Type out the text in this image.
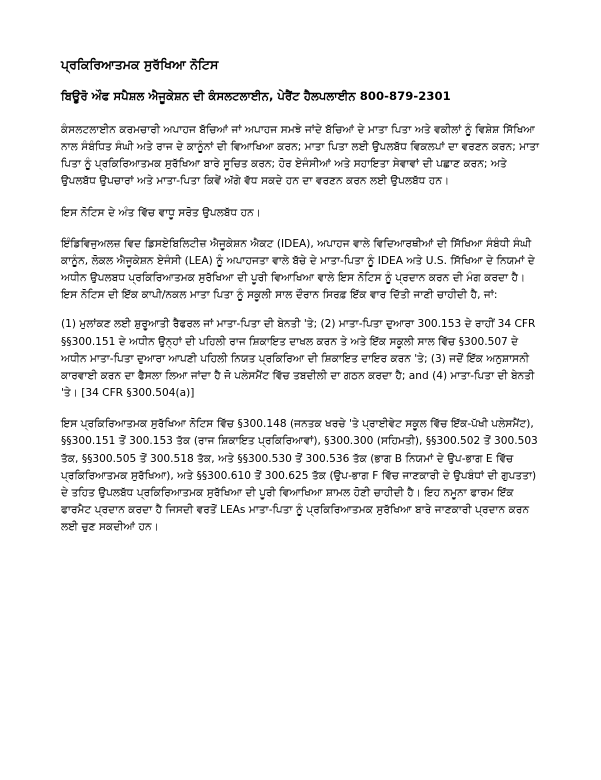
ਪ੍ਰਕਿਰਿਆਤਮਕ ਸੁਰੱਖਿਆ ਨੋਟਿਸ
ਬਿਊਰੋ ਔਫ ਸਪੈਸ਼ਲ ਐਜੂਕੇਸ਼ਨ ਦੀ ਕੰਸਲਟਲਾਈਨ, ਪੇਰੈਂਟ ਹੈਲਪਲਾਈਨ 800-879-2301

ਕੰਸਲਟਲਾਈਨ ਕਰਮਚਾਰੀ ਅਪਾਹਜ ਬੱਚਿਆਂ ਜਾਂ ਅਪਾਹਜ ਸਮਝੇ ਜਾਂਦੇ ਬੱਚਿਆਂ ਦੇ ਮਾਤਾ ਪਿਤਾ ਅਤੇ ਵਕੀਲਾਂ ਨੂੰ ਵਿਸ਼ੇਸ਼ ਸਿੱਖਿਆ ਨਾਲ ਸੰਬੰਧਿਤ ਸੰਘੀ ਅਤੇ ਰਾਜ ਦੇ ਕਾਨੂੰਨਾਂ ਦੀ ਵਿਆਖਿਆ ਕਰਨ; ਮਾਤਾ ਪਿਤਾ ਲਈ ਉਪਲਬੱਧ ਵਿਕਲਪਾਂ ਦਾ ਵਰਣਨ ਕਰਨ; ਮਾਤਾ ਪਿਤਾ ਨੂੰ ਪ੍ਰਕਿਰਿਆਤਮਕ ਸੁਰੱਖਿਆ ਬਾਰੇ ਸੂਚਿਤ ਕਰਨ; ਹੋਰ ਏਜੰਸੀਆਂ ਅਤੇ ਸਹਾਇਤਾ ਸੇਵਾਵਾਂ ਦੀ ਪਛਾਣ ਕਰਨ; ਅਤੇ ਉਪਲਬੱਧ ਉਪਚਾਰਾਂ ਅਤੇ ਮਾਤਾ-ਪਿਤਾ ਕਿਵੇਂ ਅੱਗੇ ਵੱਧ ਸਕਦੇ ਹਨ ਦਾ ਵਰਣਨ ਕਰਨ ਲਈ ਉਪਲਬੱਧ ਹਨ।

ਇਸ ਨੋਟਿਸ ਦੇ ਅੰਤ ਵਿੱਚ ਵਾਧੂ ਸਰੋਤ ਉਪਲਬੱਧ ਹਨ।

ਇੰਡਿਵਿਜੁਅਲਜ਼ ਵਿਦ ਡਿਸਏਬਿਲਿਟੀਜ਼ ਐਜੂਕੇਸ਼ਨ ਐਕਟ (IDEA), ਅਪਾਹਜ ਵਾਲੇ ਵਿਦਿਆਰਥੀਆਂ ਦੀ ਸਿੱਖਿਆ ਸੰਬੰਧੀ ਸੰਘੀ ਕਾਨੂੰਨ, ਲੋਕਲ ਐਜੂਕੇਸ਼ਨ ਏਜੰਸੀ (LEA) ਨੂੰ ਅਪਾਹਜਤਾ ਵਾਲੇ ਬੱਚੇ ਦੇ ਮਾਤਾ-ਪਿਤਾ ਨੂੰ IDEA ਅਤੇ U.S. ਸਿੱਖਿਆ ਦੇ ਨਿਯਮਾਂ ਦੇ ਅਧੀਨ ਉਪਲਬਧ ਪ੍ਰਕਿਰਿਆਤਮਕ ਸੁਰੱਖਿਆ ਦੀ ਪੂਰੀ ਵਿਆਖਿਆ ਵਾਲੇ ਇਸ ਨੋਟਿਸ ਨੂੰ ਪ੍ਰਦਾਨ ਕਰਨ ਦੀ ਮੰਗ ਕਰਦਾ ਹੈ। ਇਸ ਨੋਟਿਸ ਦੀ ਇੱਕ ਕਾਪੀ/ਨਕਲ ਮਾਤਾ ਪਿਤਾ ਨੂੰ ਸਕੂਲੀ ਸਾਲ ਦੌਰਾਨ ਸਿਰਫ਼ ਇੱਕ ਵਾਰ ਦਿੱਤੀ ਜਾਣੀ ਚਾਹੀਦੀ ਹੈ, ਜਾਂ:

(1) ਮੁਲਾਂਕਣ ਲਈ ਸ਼ੁਰੂਆਤੀ ਰੈਫਰਲ ਜਾਂ ਮਾਤਾ-ਪਿਤਾ ਦੀ ਬੇਨਤੀ 'ਤੇ; (2) ਮਾਤਾ-ਪਿਤਾ ਦੁਆਰਾ 300.153 ਦੇ ਰਾਹੀਂ 34 CFR §§300.151 ਦੇ ਅਧੀਨ ਉਨ੍ਹਾਂ ਦੀ ਪਹਿਲੀ ਰਾਜ ਸ਼ਿਕਾਇਤ ਦਾਖਲ ਕਰਨ ਤੇ ਅਤੇ ਇੱਕ ਸਕੂਲੀ ਸਾਲ ਵਿੱਚ §300.507 ਦੇ ਅਧੀਨ ਮਾਤਾ-ਪਿਤਾ ਦੁਆਰਾ ਆਪਣੀ ਪਹਿਲੀ ਨਿਯਤ ਪ੍ਰਕਿਰਿਆ ਦੀ ਸ਼ਿਕਾਇਤ ਦਾਇਰ ਕਰਨ 'ਤੇ; (3) ਜਦੋਂ ਇੱਕ ਅਨੁਸ਼ਾਸਨੀ ਕਾਰਵਾਈ ਕਰਨ ਦਾ ਫੈਸਲਾ ਲਿਆ ਜਾਂਦਾ ਹੈ ਜੋ ਪਲੇਸਮੈਂਟ ਵਿੱਚ ਤਬਦੀਲੀ ਦਾ ਗਠਨ ਕਰਦਾ ਹੈ; and (4) ਮਾਤਾ-ਪਿਤਾ ਦੀ ਬੇਨਤੀ 'ਤੇ। [34 CFR §300.504(a)]

ਇਸ ਪ੍ਰਕਿਰਿਆਤਮਕ ਸੁਰੱਖਿਆ ਨੋਟਿਸ ਵਿੱਚ §300.148 (ਜਨਤਕ ਖਰਚੇ 'ਤੇ ਪ੍ਰਾਈਵੇਟ ਸਕੂਲ ਵਿੱਚ ਇੱਕ-ਪੱਖੀ ਪਲੇਸਮੈਂਟ), §§300.151 ਤੋਂ 300.153 ਤੱਕ (ਰਾਜ ਸ਼ਿਕਾਇਤ ਪ੍ਰਕਿਰਿਆਵਾਂ), §300.300 (ਸਹਿਮਤੀ), §§300.502 ਤੋਂ 300.503 ਤੱਕ, §§300.505 ਤੋਂ 300.518 ਤੱਕ, ਅਤੇ §§300.530 ਤੋਂ 300.536 ਤੱਕ (ਭਾਗ B ਨਿਯਮਾਂ ਦੇ ਉਪ-ਭਾਗ E ਵਿੱਚ ਪ੍ਰਕਿਰਿਆਤਮਕ ਸੁਰੱਖਿਆ), ਅਤੇ §§300.610 ਤੋਂ 300.625 ਤੱਕ (ਉਪ-ਭਾਗ F ਵਿੱਚ ਜਾਣਕਾਰੀ ਦੇ ਉਪਬੰਧਾਂ ਦੀ ਗੁਪਤਤਾ) ਦੇ ਤਹਿਤ ਉਪਲਬੱਧ ਪ੍ਰਕਿਰਿਆਤਮਕ ਸੁਰੱਖਿਆ ਦੀ ਪੂਰੀ ਵਿਆਖਿਆ ਸ਼ਾਮਲ ਹੋਣੀ ਚਾਹੀਦੀ ਹੈ। ਇਹ ਨਮੂਨਾ ਫਾਰਮ ਇੱਕ ਫਾਰਮੈਟ ਪ੍ਰਦਾਨ ਕਰਦਾ ਹੈ ਜਿਸਦੀ ਵਰਤੋਂ LEAs ਮਾਤਾ-ਪਿਤਾ ਨੂੰ ਪ੍ਰਕਿਰਿਆਤਮਕ ਸੁਰੱਖਿਆ ਬਾਰੇ ਜਾਣਕਾਰੀ ਪ੍ਰਦਾਨ ਕਰਨ ਲਈ ਚੁਣ ਸਕਦੀਆਂ ਹਨ।
